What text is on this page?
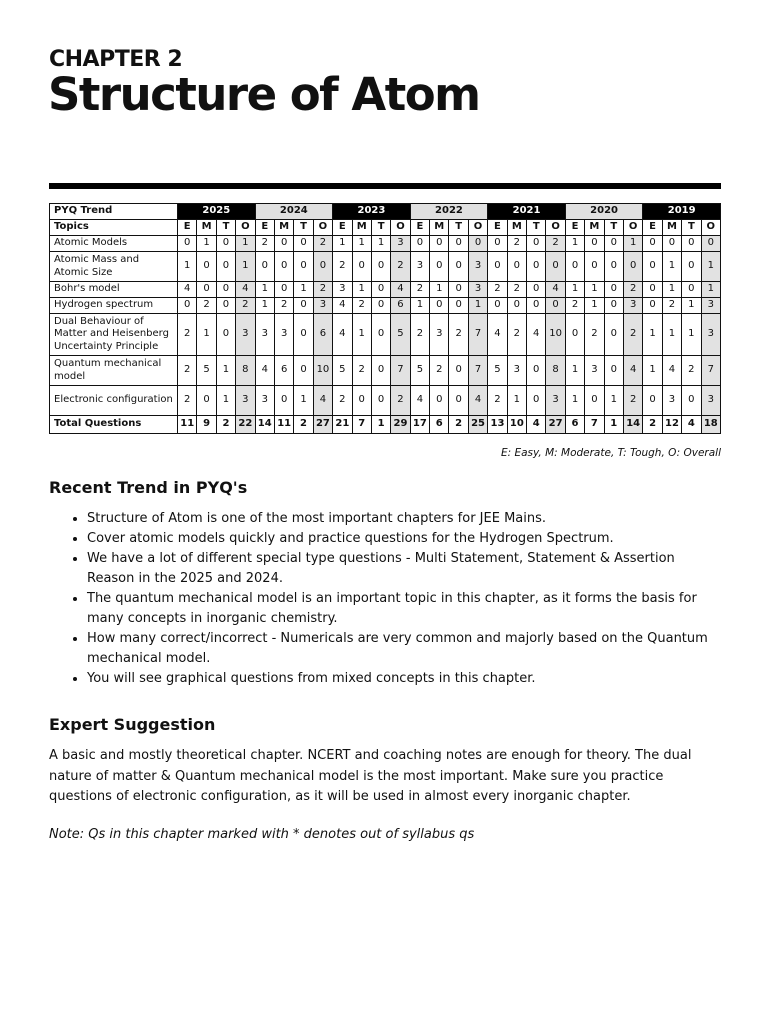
CHAPTER 2
Structure of Atom
PYQ Trend	2025				2024				2023				2022				2021				2020				2019			
Topics	E	M	T	O	E	M	T	O	E	M	T	O	E	M	T	O	E	M	T	O	E	M	T	O	E	M	T	O
Atomic Models	0	1	0	1	2	0	0	2	1	1	1	3	0	0	0	0	0	2	0	2	1	0	0	1	0	0	0	0
Atomic Mass and Atomic Size	1	0	0	1	0	0	0	0	2	0	0	2	3	0	0	3	0	0	0	0	0	0	0	0	0	1	0	1
Bohr's model	4	0	0	4	1	0	1	2	3	1	0	4	2	1	0	3	2	2	0	4	1	1	0	2	0	1	0	1
Hydrogen spectrum	0	2	0	2	1	2	0	3	4	2	0	6	1	0	0	1	0	0	0	0	2	1	0	3	0	2	1	3
Dual Behaviour of Matter and Heisenberg Uncertainty Principle	2	1	0	3	3	3	0	6	4	1	0	5	2	3	2	7	4	2	4	10	0	2	0	2	1	1	1	3
Quantum mechanical model	2	5	1	8	4	6	0	10	5	2	0	7	5	2	0	7	5	3	0	8	1	3	0	4	1	4	2	7
Electronic configuration	2	0	1	3	3	0	1	4	2	0	0	2	4	0	0	4	2	1	0	3	1	0	1	2	0	3	0	3
Total Questions	11	9	2	22	14	11	2	27	21	7	1	29	17	6	2	25	13	10	4	27	6	7	1	14	2	12	4	18
E: Easy, M: Moderate, T: Tough, O: Overall
Recent Trend in PYQ's
• Structure of Atom is one of the most important chapters for JEE Mains.
• Cover atomic models quickly and practice questions for the Hydrogen Spectrum.
• We have a lot of different special type questions - Multi Statement, Statement & Assertion Reason in the 2025 and 2024.
• The quantum mechanical model is an important topic in this chapter, as it forms the basis for many concepts in inorganic chemistry.
• How many correct/incorrect - Numericals are very common and majorly based on the Quantum mechanical model.
• You will see graphical questions from mixed concepts in this chapter.
Expert Suggestion

A basic and mostly theoretical chapter. NCERT and coaching notes are enough for theory. The dual nature of matter & Quantum mechanical model is the most important. Make sure you practice questions of electronic configuration, as it will be used in almost every inorganic chapter.

Note: Qs in this chapter marked with * denotes out of syllabus qs
